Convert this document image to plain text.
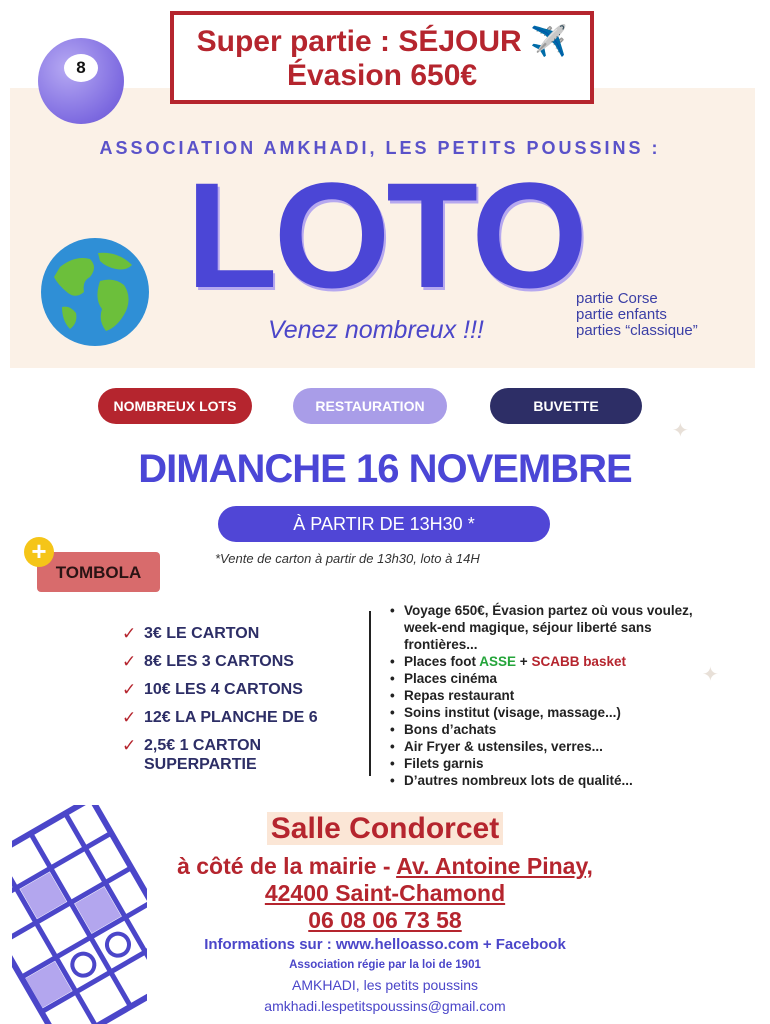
Super partie : SÉJOUR ✈️
Évasion 650€
8
ASSOCIATION AMKHADI, LES PETITS POUSSINS :
LOTO
Venez nombreux !!!
partie Corse
partie enfants
parties “classique”
✦
✦
NOMBREUX LOTS	RESTAURATION	BUVETTE
DIMANCHE 16 NOVEMBRE
À PARTIR DE 13H30 *
*Vente de carton à partir de 13h30, loto à 14H
+
TOMBOLA
✓ 3€ LE CARTON
✓ 8€ LES 3 CARTONS
✓ 10€ LES 4 CARTONS
✓ 12€ LA PLANCHE DE 6
✓ 2,5€ 1 CARTON SUPERPARTIE
• Voyage 650€, Évasion partez où vous voulez, week-end magique, séjour liberté sans frontières...
• Places foot ASSE + SCABB basket
• Places cinéma
• Repas restaurant
• Soins institut (visage, massage...)
• Bons d’achats
• Air Fryer & ustensiles, verres...
• Filets garnis
• D’autres nombreux lots de qualité...
Salle Condorcet
à côté de la mairie - Av. Antoine Pinay,
42400 Saint-Chamond
06 08 06 73 58
Informations sur : www.helloasso.com + Facebook
Association régie par la loi de 1901
AMKHADI, les petits poussins
amkhadi.lespetitspoussins@gmail.com
